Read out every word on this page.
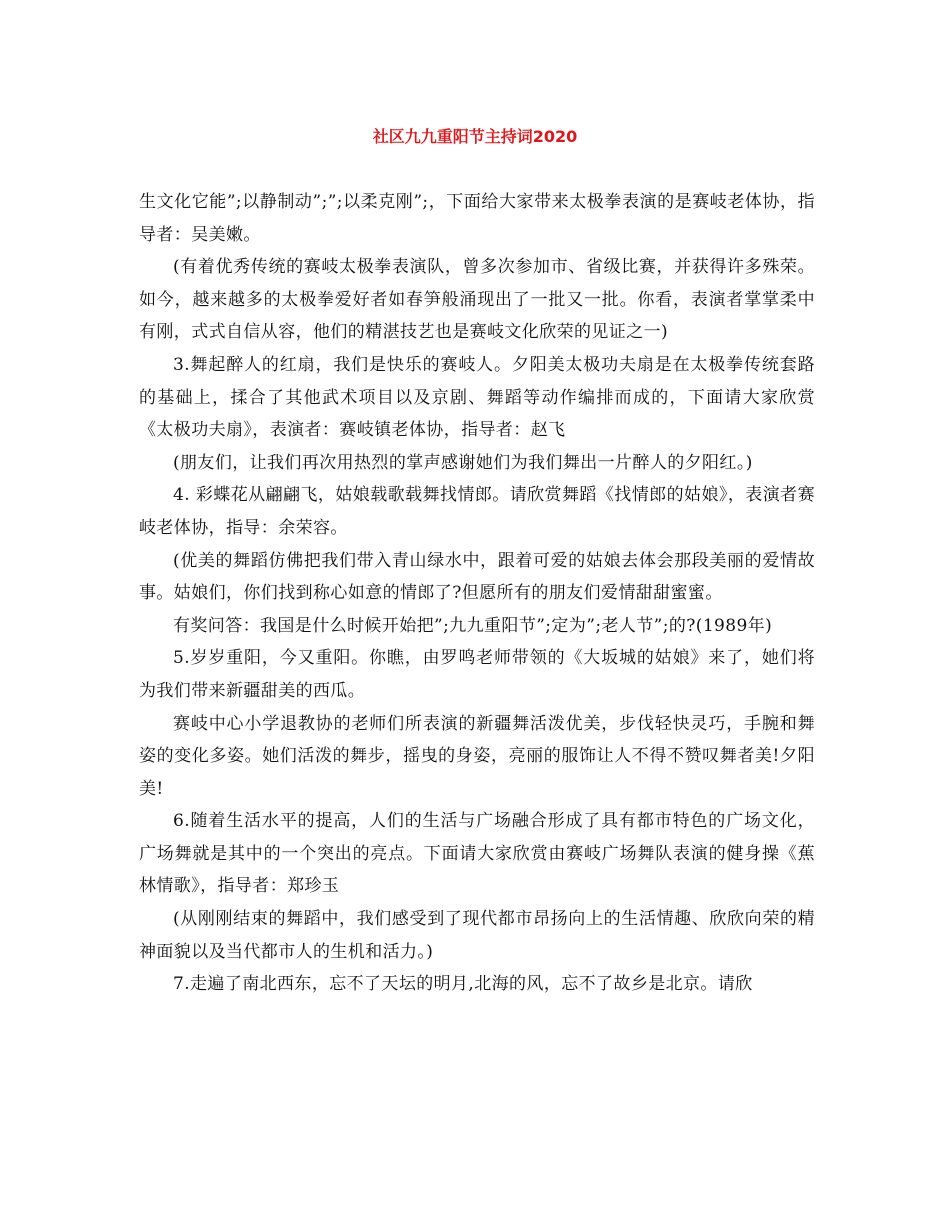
社区九九重阳节主持词2020

生文化它能”;以静制动”;”;以柔克刚”;，下面给大家带来太极拳表演的是赛岐老体协，指导者：吴美嫩。

(有着优秀传统的赛岐太极拳表演队，曾多次参加市、省级比赛，并获得许多殊荣。如今，越来越多的太极拳爱好者如春笋般涌现出了一批又一批。你看，表演者掌掌柔中有刚，式式自信从容，他们的精湛技艺也是赛岐文化欣荣的见证之一)

3.舞起醉人的红扇，我们是快乐的赛岐人。夕阳美太极功夫扇是在太极拳传统套路的基础上，揉合了其他武术项目以及京剧、舞蹈等动作编排而成的，下面请大家欣赏《太极功夫扇》，表演者：赛岐镇老体协，指导者：赵飞

(朋友们，让我们再次用热烈的掌声感谢她们为我们舞出一片醉人的夕阳红。)

4. 彩蝶花从翩翩飞，姑娘载歌载舞找情郎。请欣赏舞蹈《找情郎的姑娘》，表演者赛岐老体协，指导：余荣容。

(优美的舞蹈仿佛把我们带入青山绿水中，跟着可爱的姑娘去体会那段美丽的爱情故事。姑娘们，你们找到称心如意的情郎了?但愿所有的朋友们爱情甜甜蜜蜜。

有奖问答：我国是什么时候开始把”;九九重阳节”;定为”;老人节”;的?(1989年)

5.岁岁重阳，今又重阳。你瞧，由罗鸣老师带领的《大坂城的姑娘》来了，她们将为我们带来新疆甜美的西瓜。

赛岐中心小学退教协的老师们所表演的新疆舞活泼优美，步伐轻快灵巧，手腕和舞姿的变化多姿。她们活泼的舞步，摇曳的身姿，亮丽的服饰让人不得不赞叹舞者美!夕阳美!

6.随着生活水平的提高，人们的生活与广场融合形成了具有都市特色的广场文化，广场舞就是其中的一个突出的亮点。下面请大家欣赏由赛岐广场舞队表演的健身操《蕉林情歌》，指导者：郑珍玉

(从刚刚结束的舞蹈中，我们感受到了现代都市昂扬向上的生活情趣、欣欣向荣的精神面貌以及当代都市人的生机和活力。)

7.走遍了南北西东，忘不了天坛的明月,北海的风，忘不了故乡是北京。请欣
